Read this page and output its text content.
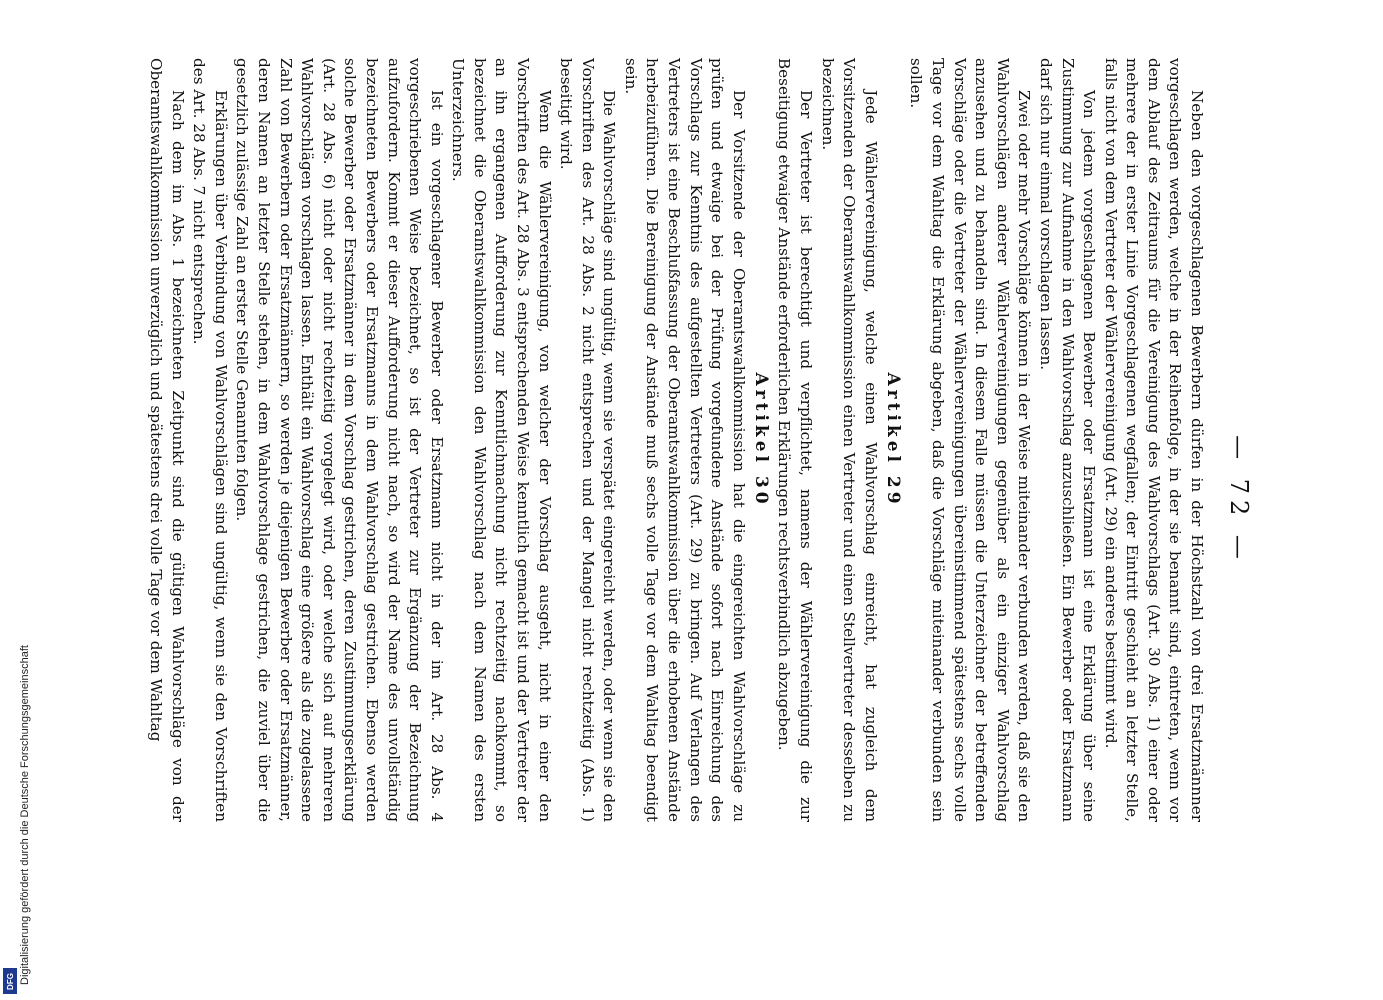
Digitalisierung gefördert durch die Deutsche Forschungsgemeinschaft
DFG
— 72 —

Neben den vorgeschlagenen Bewerbern dürfen in der Höchstzahl von drei Ersatzmännner vorgeschlagen werden, welche in der Reihenfolge, in der sie benannt sind, eintreten, wenn vor dem Ablauf des Zeitraums für die Vereinigung des Wahlvorschlags (Art. 30 Abs. 1) einer oder mehrere der in erster Linie Vorgeschlagenen wegfallen; der Eintritt geschieht an letzter Stelle, falls nicht von dem Vertreter der Wählervereinigung (Art. 29) ein anderes bestimmt wird.

Von jedem vorgeschlagenen Bewerber oder Ersatzmann ist eine Erklärung über seine Zustimmung zur Aufnahme in den Wahlvorschlag anzuschließen. Ein Bewerber oder Ersatzmann darf sich nur einmal vorschlagen lassen.

Zwei oder mehr Vorschläge können in der Weise miteinander verbunden werden, daß sie den Wahlvorschlägen anderer Wählervereinigungen gegenüber als ein einziger Wahlvorschlag anzusehen und zu behandeln sind. In diesem Falle müssen die Unterzeichner der betreffenden Vorschläge oder die Vertreter der Wählervereinigungen übereinstimmend spätestens sechs volle Tage vor dem Wahltag die Erklärung abgeben, daß die Vorschläge miteinander verbunden sein sollen.

Artikel 29

Jede Wählervereinigung, welche einen Wahlvorschlag einreicht, hat zugleich dem Vorsitzenden der Oberamtswahlkommission einen Vertreter und einen Stellvertreter desselben zu bezeichnen.

Der Vertreter ist berechtigt und verpflichtet, namens der Wählervereinigung die zur Beseitigung etwaiger Anstände erforderlichen Erklärungen rechtsverbindlich abzugeben.

Artikel 30

Der Vorsitzende der Oberamtswahlkommission hat die eingereichten Wahlvorschläge zu prüfen und etwaige bei der Prüfung vorgefundene Anstände sofort nach Einreichung des Vorschlags zur Kenntnis des aufgestellten Vertreters (Art. 29) zu bringen. Auf Verlangen des Vertreters ist eine Beschlußfassung der Oberamtswahlkommission über die erhobenen Anstände herbeizuführen. Die Bereinigung der Anstände muß sechs volle Tage vor dem Wahltag beendigt sein.

Die Wahlvorschläge sind ungültig, wenn sie verspätet eingereicht werden, oder wenn sie den Vorschriften des Art. 28 Abs. 2 nicht entsprechen und der Mangel nicht rechtzeitig (Abs. 1) beseitigt wird.

Wenn die Wählervereinigung, von welcher der Vorschlag ausgeht, nicht in einer den Vorschriften des Art. 28 Abs. 3 entsprechenden Weise kenntlich gemacht ist und der Vertreter der an ihn ergangenen Aufforderung zur Kenntlichmachung nicht rechtzeitig nachkommt, so bezeichnet die Oberamtswahlkommission den Wahlvorschlag nach dem Namen des ersten Unterzeichners.

Ist ein vorgeschlagener Bewerber oder Ersatzmann nicht in der im Art. 28 Abs. 4 vorgeschriebenen Weise bezeichnet, so ist der Vertreter zur Ergänzung der Bezeichnung aufzufordern. Kommt er dieser Aufforderung nicht nach, so wird der Name des unvollständig bezeichneten Bewerbers oder Ersatzmanns in dem Wahlvorschlag gestrichen. Ebenso werden solche Bewerber oder Ersatzmänner in dem Vorschlag gestrichen, deren Zustimmungserklärung (Art. 28 Abs. 6) nicht oder nicht rechtzeitig vorgelegt wird, oder welche sich auf mehreren Wahlvorschlägen vorschlagen lassen. Enthält ein Wahlvorschlag eine größere als die zugelassene Zahl von Bewerbern oder Ersatzmännern, so werden je diejenigen Bewerber oder Ersatzmänner, deren Namen an letzter Stelle stehen, in dem Wahlvorschlage gestrichen, die zuviel über die gesetzlich zulässige Zahl an erster Stelle Genannten folgen.

Erklärungen über Verbindung von Wahlvorschlägen sind ungültig, wenn sie den Vorschriften des Art. 28 Abs. 7 nicht entsprechen.

Nach dem im Abs. 1 bezeichneten Zeitpunkt sind die gültigen Wahlvorschläge von der Oberamtswahlkommission unverzüglich und spätestens drei volle Tage vor dem Wahltag
